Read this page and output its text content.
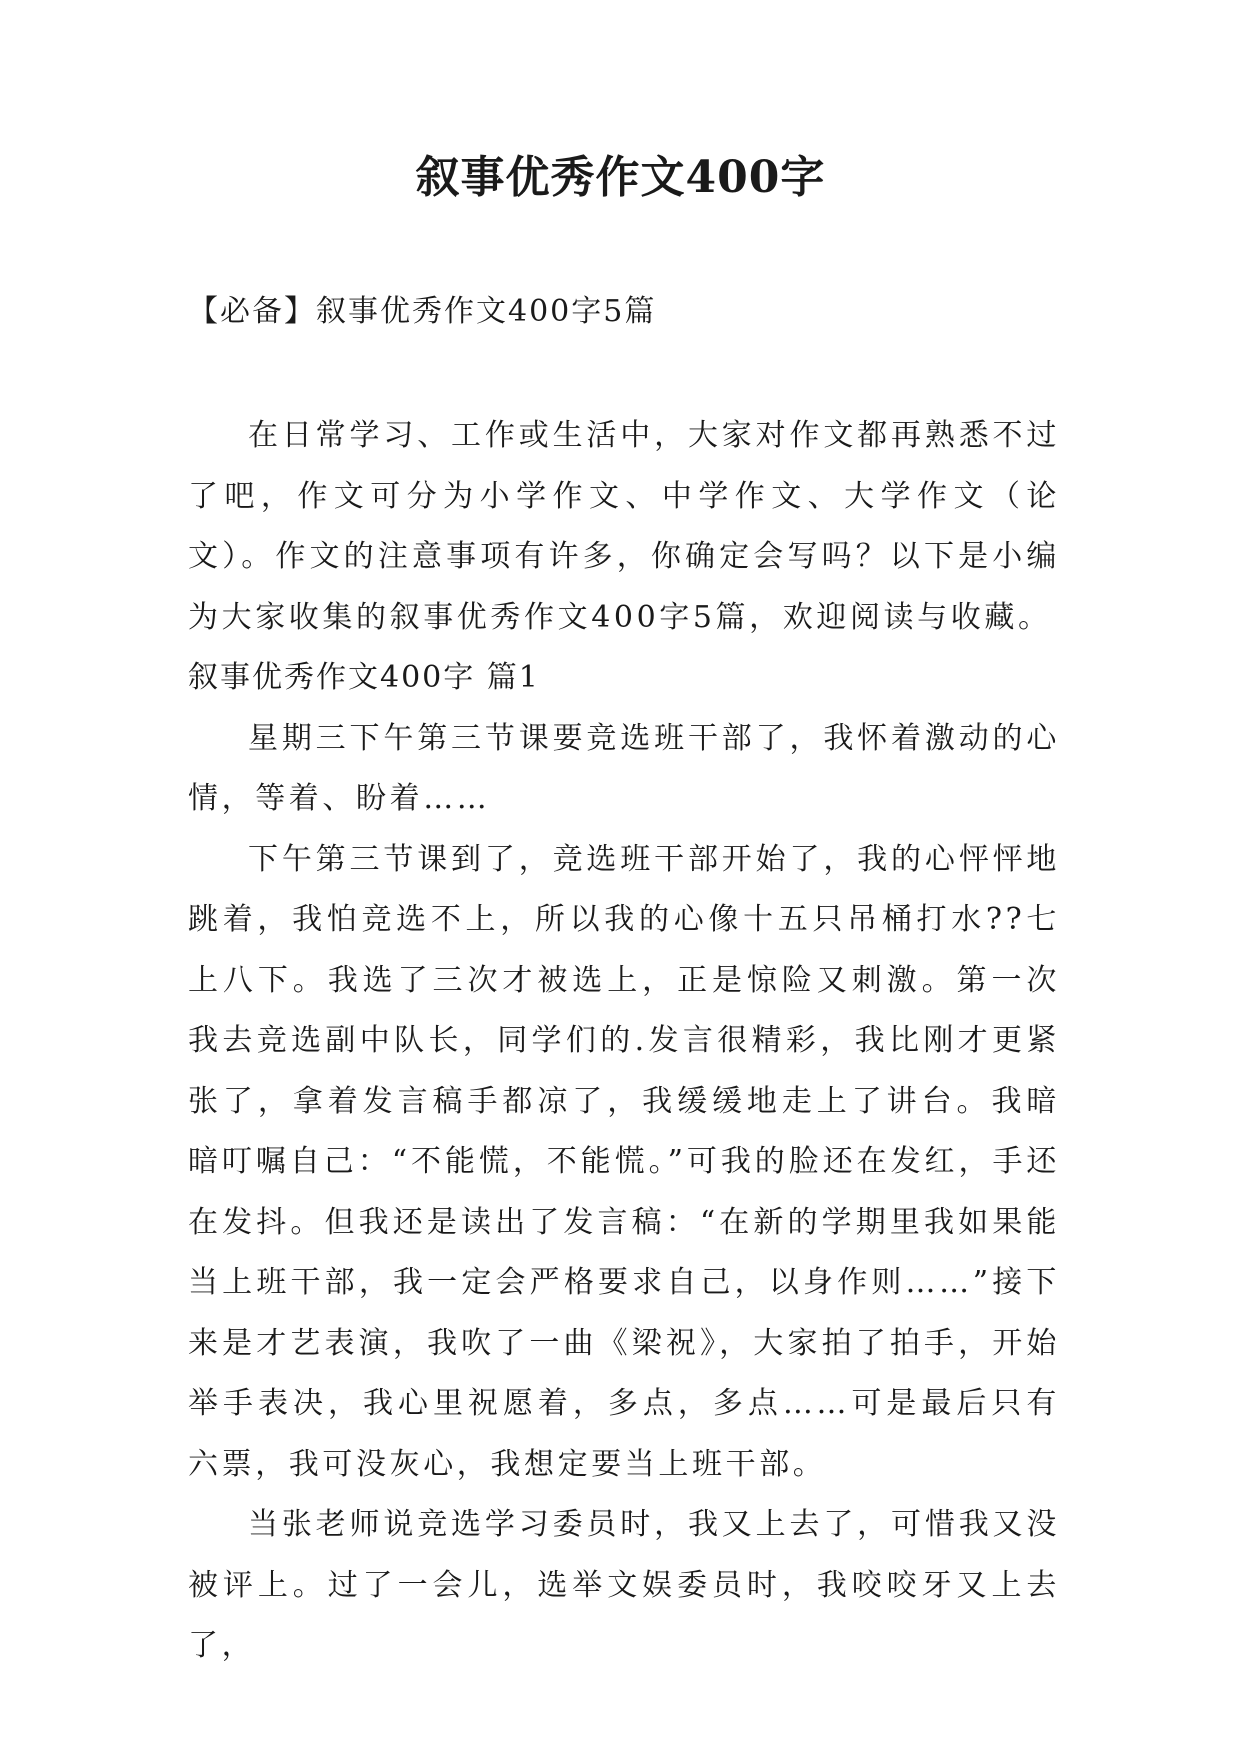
叙事优秀作文400字
【必备】叙事优秀作文400字5篇

在日常学习、工作或生活中，大家对作文都再熟悉不过了吧，作文可分为小学作文、中学作文、大学作文（论文）。作文的注意事项有许多，你确定会写吗？以下是小编为大家收集的叙事优秀作文400字5篇，欢迎阅读与收藏。

叙事优秀作文400字 篇1

星期三下午第三节课要竞选班干部了，我怀着激动的心情，等着、盼着……

下午第三节课到了，竞选班干部开始了，我的心怦怦地跳着，我怕竞选不上，所以我的心像十五只吊桶打水??七上八下。我选了三次才被选上，正是惊险又刺激。第一次我去竞选副中队长，同学们的.发言很精彩，我比刚才更紧张了，拿着发言稿手都凉了，我缓缓地走上了讲台。我暗暗叮嘱自己：“不能慌，不能慌。”可我的脸还在发红，手还在发抖。但我还是读出了发言稿：“在新的学期里我如果能当上班干部，我一定会严格要求自己，以身作则……”接下来是才艺表演，我吹了一曲《梁祝》，大家拍了拍手，开始举手表决，我心里祝愿着，多点，多点……可是最后只有六票，我可没灰心，我想定要当上班干部。

当张老师说竞选学习委员时，我又上去了，可惜我又没被评上。过了一会儿，选举文娱委员时，我咬咬牙又上去了，
